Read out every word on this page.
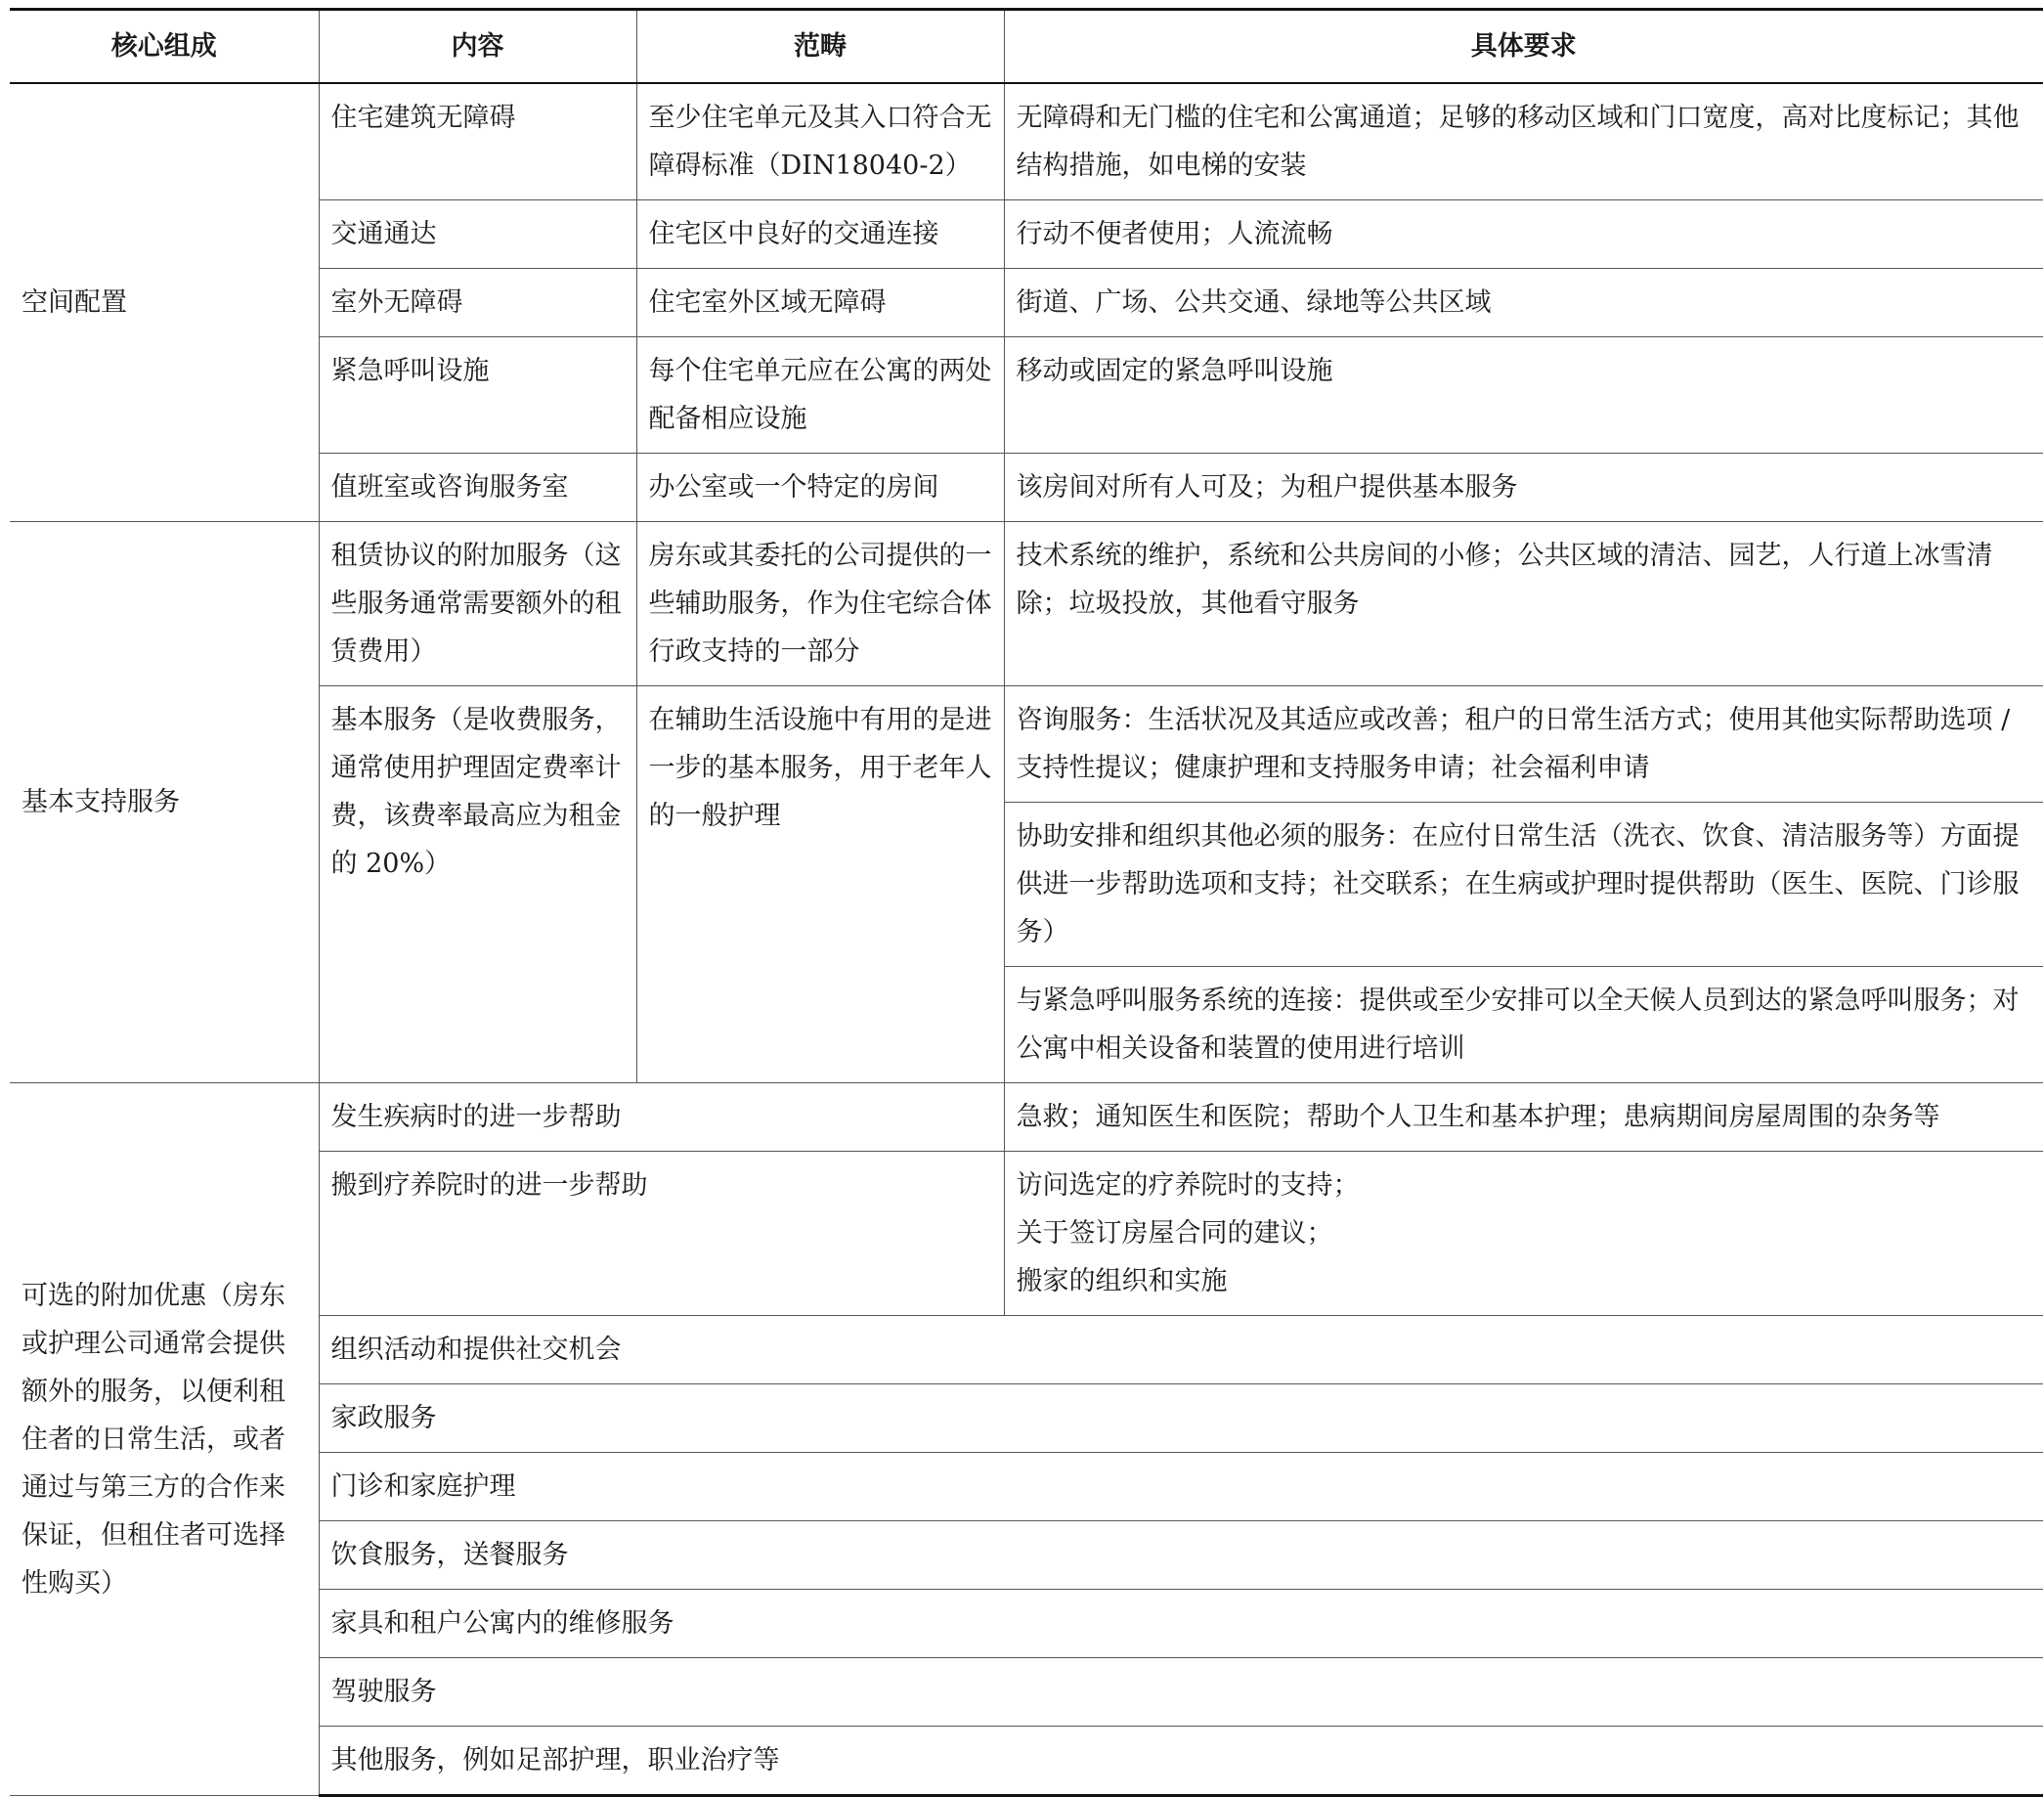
核心组成	内容	范畴	具体要求
空间配置	住宅建筑无障碍	至少住宅单元及其入口符合无障碍标准（DIN18040-2）	无障碍和无门槛的住宅和公寓通道；足够的移动区域和门口宽度，高对比度标记；其他结构措施，如电梯的安装
	交通通达	住宅区中良好的交通连接	行动不便者使用；人流流畅
	室外无障碍	住宅室外区域无障碍	街道、广场、公共交通、绿地等公共区域
	紧急呼叫设施	每个住宅单元应在公寓的两处配备相应设施	移动或固定的紧急呼叫设施
	值班室或咨询服务室	办公室或一个特定的房间	该房间对所有人可及；为租户提供基本服务
基本支持服务	租赁协议的附加服务（这些服务通常需要额外的租赁费用）	房东或其委托的公司提供的一些辅助服务，作为住宅综合体行政支持的一部分	技术系统的维护，系统和公共房间的小修；公共区域的清洁、园艺，人行道上冰雪清除；垃圾投放，其他看守服务
	基本服务（是收费服务，通常使用护理固定费率计费，该费率最高应为租金的 20%）	在辅助生活设施中有用的是进一步的基本服务，用于老年人的一般护理	咨询服务：生活状况及其适应或改善；租户的日常生活方式；使用其他实际帮助选项 / 支持性提议；健康护理和支持服务申请；社会福利申请
			协助安排和组织其他必须的服务：在应付日常生活（洗衣、饮食、清洁服务等）方面提供进一步帮助选项和支持；社交联系；在生病或护理时提供帮助（医生、医院、门诊服务）
			与紧急呼叫服务系统的连接：提供或至少安排可以全天候人员到达的紧急呼叫服务；对公寓中相关设备和装置的使用进行培训
可选的附加优惠（房东或护理公司通常会提供额外的服务，以便利租住者的日常生活，或者通过与第三方的合作来保证，但租住者可选择性购买）	发生疾病时的进一步帮助		急救；通知医生和医院；帮助个人卫生和基本护理；患病期间房屋周围的杂务等
	搬到疗养院时的进一步帮助		访问选定的疗养院时的支持；
关于签订房屋合同的建议；
搬家的组织和实施

	组织活动和提供社交机会		
	家政服务		
	门诊和家庭护理		
	饮食服务，送餐服务		
	家具和租户公寓内的维修服务		
	驾驶服务		
	其他服务，例如足部护理，职业治疗等		
